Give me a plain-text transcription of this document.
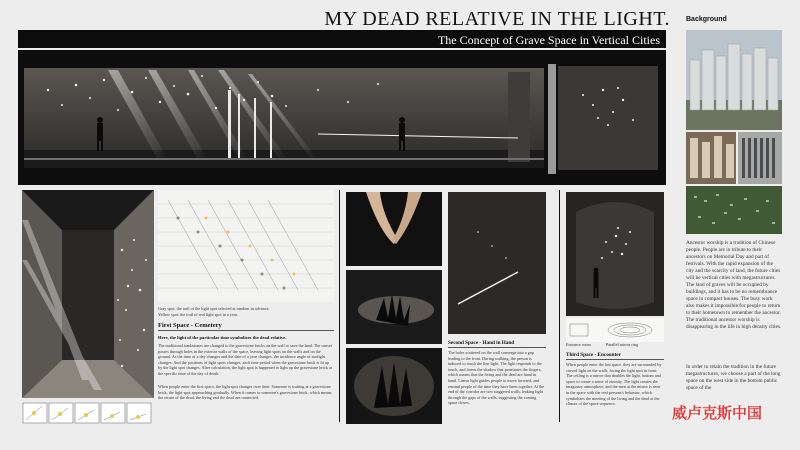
MY DEAD RELATIVE IN THE LIGHT.
The Concept of Grave Space in Vertical Cities
Background
Ancestor worship is a tradition of Chinese people. People are in tribute to their ancestors on Memorial Day and part of festivals. With the rapid expansion of the city and the scarcity of land, the future cities will be vertical cities with megastructures. The land of graves will be occupied by buildings, and it has to be no remembrance space in compact houses. The busy work also makes it impossible for people to return to their hometown to remember the ancestor. The traditional ancestor worship is disappearing in the life in high density cities.
In order to retain the tradition in the future megastructures, we choose a part of the long space on the west side in the bottom public space of the
威卢克斯中国
Gray spot: the trail of the light spot selected at random in advance.
Yellow spot: the trail of real light spot in a year.
First Space - Cemetery
Here, the light of the particular time symbolizes the dead relative.
The traditional tombstones are changed to the gravestone bricks on the wall to save the land. The sunset passes through holes in the exterior walls of the space, leaving light spots on the walls and on the ground. As the time of a day changes and the date of a year changes, the incidence angle of sunlight changes. And the positions of light spots changes, each time period when the gravestone brick is lit up by the light spot changes. After calculation, the light spot is happened to light up the gravestone brick at the specific time of the day of death.
When people enter the first space, the light spot changes over time. Someone is waiting at a gravestone brick, the light spot approaching gradually. When it comes to someone's gravestone brick, which means the return of the dead, the living and the dead are connected.
Second Space - Hand in Hand
The holes scattered on the wall converge into a gap leading to the front. During walking, the person is induced to touch the line light. The light responds to the touch, and forms the shadow that penetrates the fingers, which means that the living and the dead are hand in hand. Linear light guides people to move forward, and remind people of the time they have been together. At the end of the corridor are two staggered walls, leaking light through the gaps of the walls, suggesting the coming space closes.
Entrance room	Parallel mirror ring
Third Space - Encounter
When people enter the last space, they are surrounded by curved light on the walls, facing the light spot in front. The ceiling is a mirror that doubles the light, bottom and space to create a sense of eternity. The light creates the imaginary atmosphere, and the men at the mirror is seen in the space with the real persons's behavior, which symbolizes the meeting of the living and the dead at the climax of the space sequence.
